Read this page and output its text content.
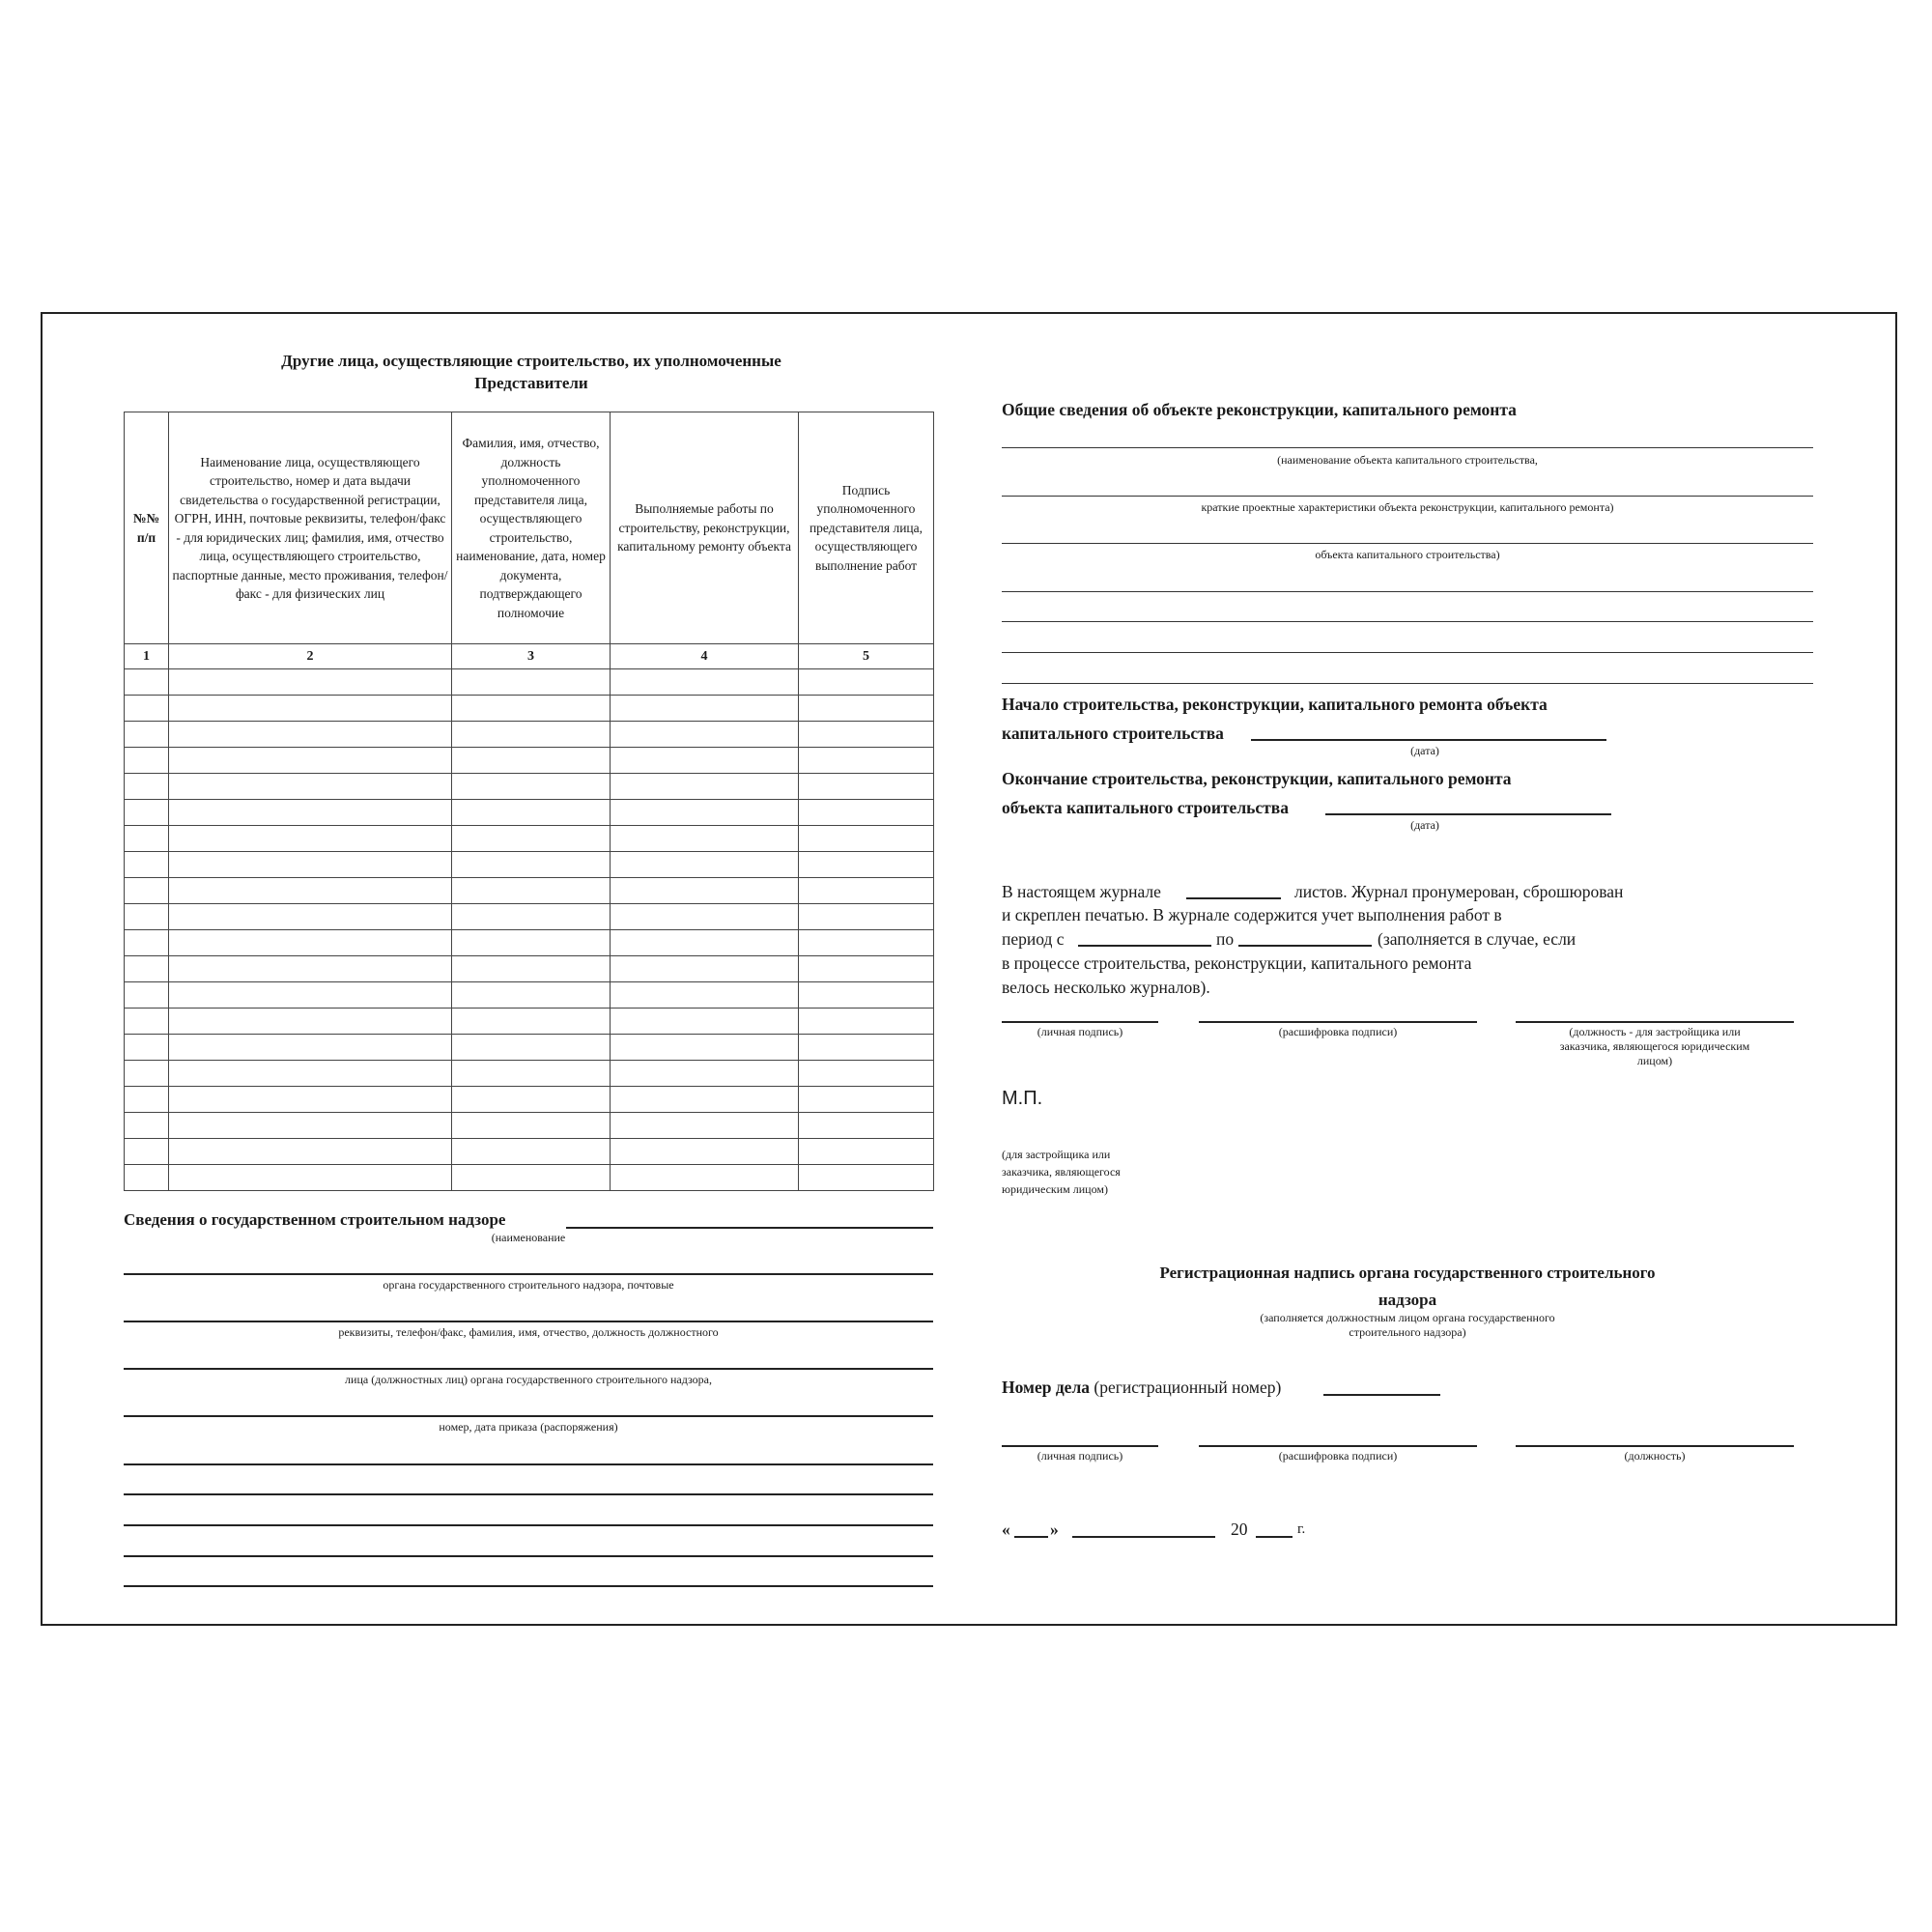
Другие лица, осуществляющие строительство, их уполномоченные
Представители
№№ п/п	Наименование лица, осуществляющего строительство, номер и дата выдачи свидетельства о государственной регистрации, ОГРН, ИНН, почтовые реквизиты, телефон/факс - для юридических лиц; фамилия, имя, отчество лица, осуществляющего строительство, паспортные данные, место проживания, телефон/факс - для физических лиц	Фамилия, имя, отчество, должность уполномоченного представителя лица, осуществляющего строительство, наименование, дата, номер документа, подтверждающего полномочие	Выполняемые работы по строительству, реконструкции, капитальному ремонту объекта	Подпись уполномоченного представителя лица, осуществляющего выполнение работ
1	2	3	4	5

Сведения о государственном строительном надзоре
(наименование
органа государственного строительного надзора, почтовые
реквизиты, телефон/факс, фамилия, имя, отчество, должность должностного
лица (должностных лиц) органа государственного строительного надзора,
номер, дата приказа (распоряжения)
Общие сведения об объекте реконструкции, капитального ремонта
(наименование объекта капитального строительства,
краткие проектные характеристики объекта реконструкции, капитального ремонта)
объекта капитального строительства)
Начало строительства, реконструкции, капитального ремонта объекта
капитального строительства
(дата)
Окончание строительства, реконструкции, капитального ремонта
объекта капитального строительства
(дата)
В настоящем журнале	листов. Журнал пронумерован, сброшюрован
и скреплен печатью. В журнале содержится учет выполнения работ в
период с	по	(заполняется в случае, если
в процессе строительства, реконструкции, капитального ремонта
велось несколько журналов).
(личная подпись)	(расшифровка подписи)	(должность - для застройщика или
заказчика, являющегося юридическим
лицом)
М.П.
(для застройщика или
заказчика, являющегося
юридическим лицом)
Регистрационная надпись органа государственного строительного
надзора
(заполняется должностным лицом органа государственного
строительного надзора)
Номер дела (регистрационный номер)
(личная подпись)	(расшифровка подписи)	(должность)
« »	20	г.
